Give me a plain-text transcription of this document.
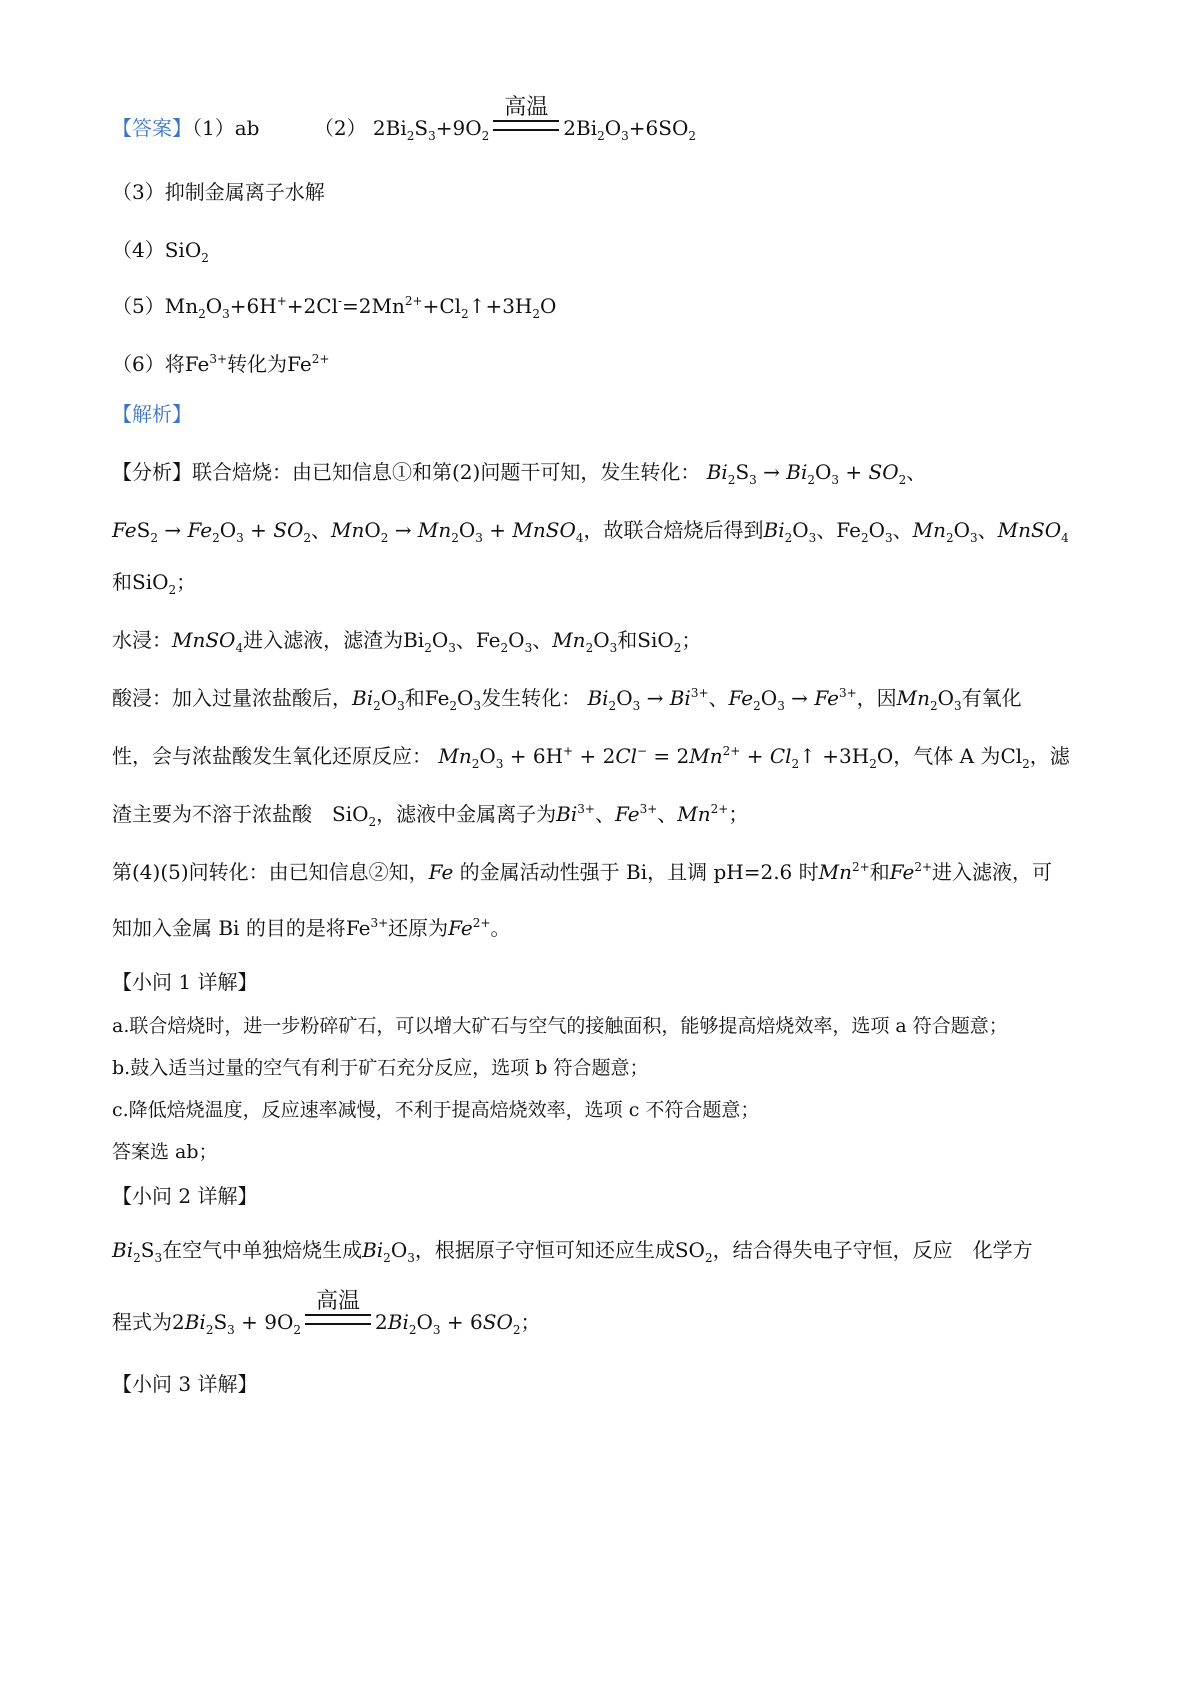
【答案】（1）ab	（2） $2Bi_2S_3+9O_2$
高温
$2Bi_2O_3+6SO_2$
（3）抑制金属离子水解
（4）SiO$_2$
$(5)Mn_2O_3+6H^++2Cl^-=2Mn^{2+}+Cl_2↑+3H_2O$
（6）将$Fe^{3+}$转化为$Fe^{2+}$
【解析】
【分析】联合焙烧：由已知信息①和第(2)问题干可知，发生转化： $Bi_2S_3 \to Bi_2O_3 + SO_2$、
$FeS_2 \to Fe_2O_3 + SO_2$、$MnO_2 \to Mn_2O_3$ + MnSO$_4$，故联合焙烧后得到$Bi_2O_3$、$Fe_2O_3$、$Mn_2O_3$、MnSO$_4$
和SiO$_2$；
水浸：MnSO$_4$进入滤液，滤渣为$Bi_2O_3$、$Fe_2O_3$、$Mn_2O_3$和SiO$_2$；
酸浸：加入过量浓盐酸后，$Bi_2O_3$和$Fe_2O_3$发生转化： $Bi_2O_3 \to Bi^{3+}$、$Fe_2O_3 \to Fe^{3+}$，因$Mn_2O_3$有氧化
性，会与浓盐酸发生氧化还原反应： $Mn_2O_3 + 6H^+ + 2Cl^- = 2Mn^{2+}$ + $Cl_2↑ +3H_2O$，气体 A 为$Cl_2$，滤
渣主要为不溶于浓盐酸　SiO$_2$，滤液中金属离子为$Bi^{3+}$、$Fe^{3+}$、$Mn^{2+}$；
第(4)(5)问转化：由已知信息②知，Fe 的金属活动性强于 Bi，且调 pH=2.6 时$Mn^{2+}$和$Fe^{2+}$进入滤液，可
知加入金属 Bi 的目的是将$Fe^{3+}$还原为$Fe^{2+}$。
【小问 1 详解】
a.联合焙烧时，进一步粉碎矿石，可以增大矿石与空气的接触面积，能够提高焙烧效率，选项 a 符合题意；
b.鼓入适当过量的空气有利于矿石充分反应，选项 b 符合题意；
c.降低焙烧温度，反应速率减慢，不利于提高焙烧效率，选项 c 不符合题意；
答案选 ab；
【小问 2 详解】
$Bi_2S_3$在空气中单独焙烧生成$Bi_2O_3$，根据原子守恒可知还应生成$SO_2$，结合得失电子守恒，反应　化学方
程式为$2Bi_2S_3 + 9O_2$
高温
$2Bi_2O_3 + 6SO_2$；
【小问 3 详解】
